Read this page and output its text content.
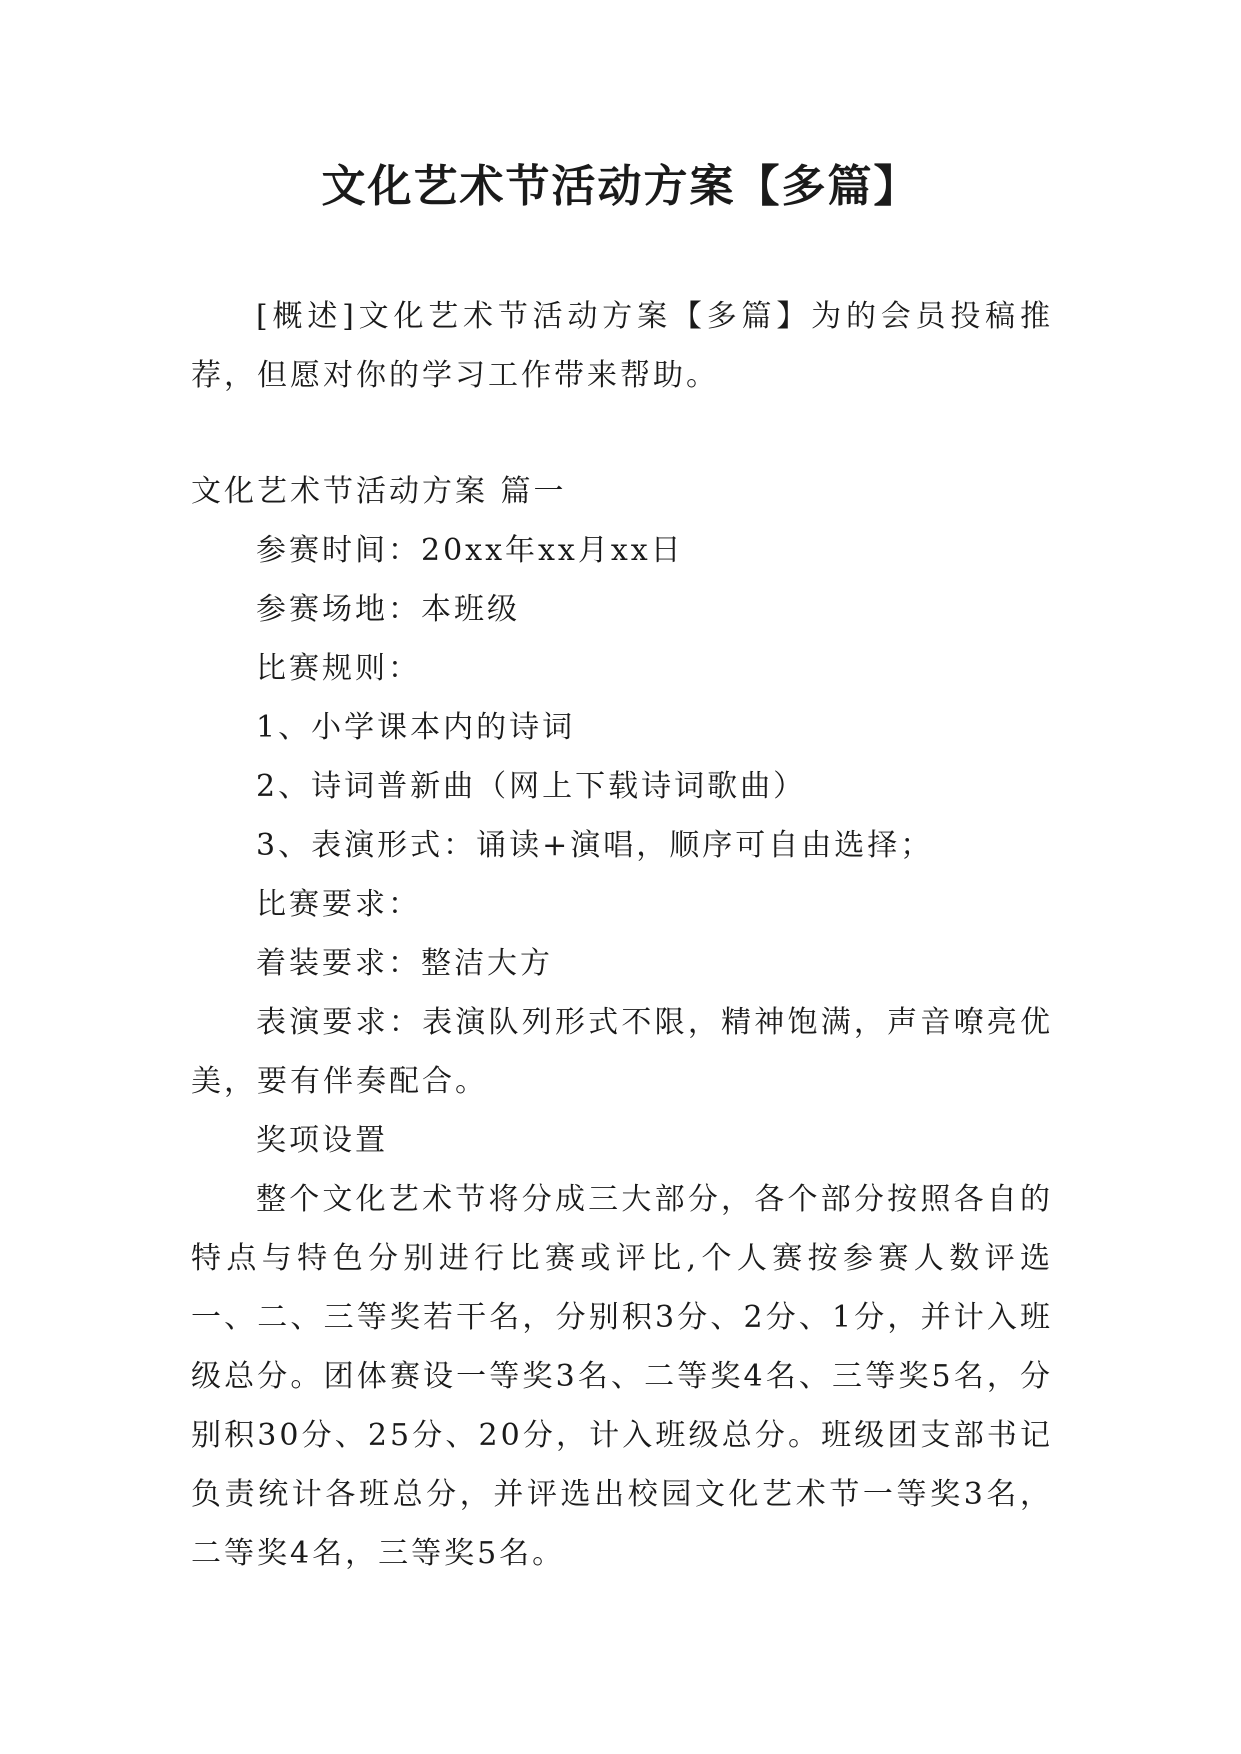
文化艺术节活动方案【多篇】

[概述]文化艺术节活动方案【多篇】为的会员投稿推荐，但愿对你的学习工作带来帮助。

文化艺术节活动方案 篇一

参赛时间：20xx年xx月xx日

参赛场地：本班级

比赛规则：

1、小学课本内的诗词

2、诗词普新曲（网上下载诗词歌曲）

3、表演形式：诵读+演唱，顺序可自由选择；

比赛要求：

着装要求：整洁大方

表演要求：表演队列形式不限，精神饱满，声音嘹亮优美，要有伴奏配合。

奖项设置

整个文化艺术节将分成三大部分，各个部分按照各自的特点与特色分别进行比赛或评比,个人赛按参赛人数评选一、二、三等奖若干名，分别积3分、2分、1分，并计入班级总分。团体赛设一等奖3名、二等奖4名、三等奖5名，分别积30分、25分、20分，计入班级总分。班级团支部书记负责统计各班总分，并评选出校园文化艺术节一等奖3名，二等奖4名，三等奖5名。
